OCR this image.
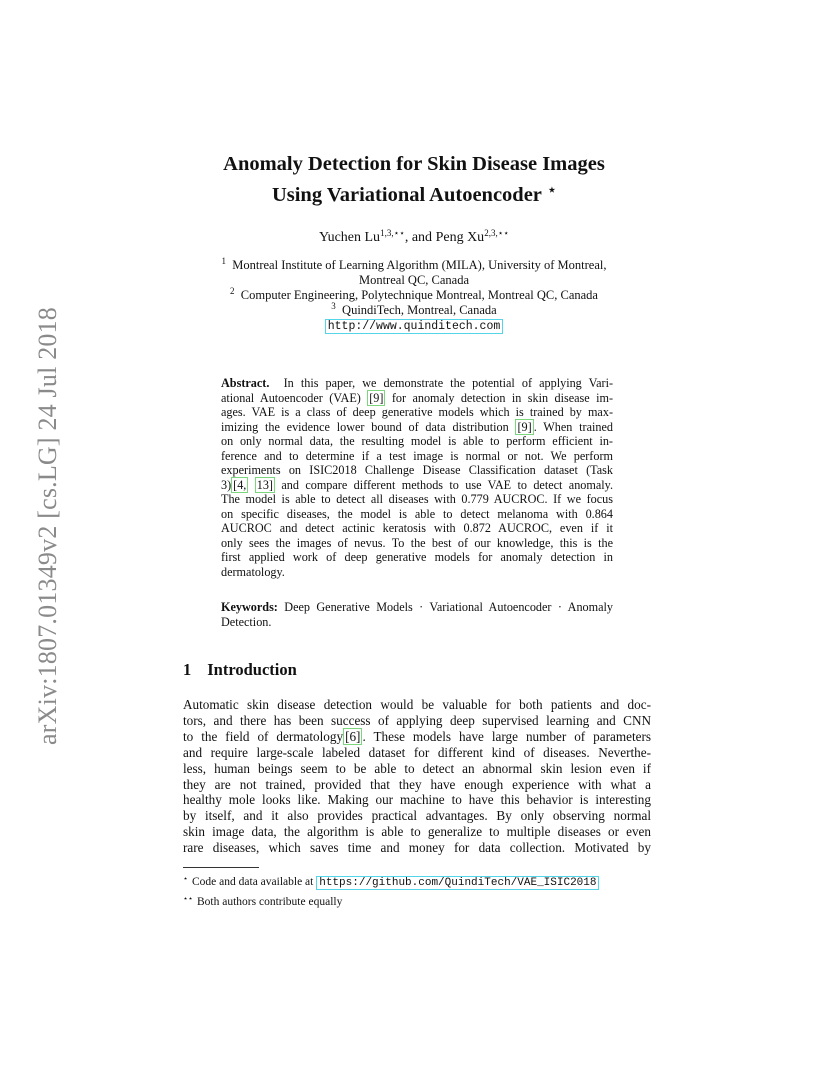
arXiv:1807.01349v2 [cs.LG] 24 Jul 2018
Anomaly Detection for Skin Disease Images
Using Variational Autoencoder ⋆
Yuchen $Lu^{1,3,⋆⋆}$, and Peng $Xu^{2,3,⋆⋆}$
$^1$ Montreal Institute of Learning Algorithm (MILA), University of Montreal,
Montreal QC, Canada
$^2$ Computer Engineering, Polytechnique Montreal, Montreal QC, Canada
$^3$ QuindiTech, Montreal, Canada
http://www.quinditech.com
Abstract. In this paper, we demonstrate the potential of applying Vari-
ational Autoencoder (VAE) [9] for anomaly detection in skin disease im-
ages. VAE is a class of deep generative models which is trained by max-
imizing the evidence lower bound of data distribution [9] . When trained
on only normal data, the resulting model is able to perform efficient in-
ference and to determine if a test image is normal or not. We perform
experiments on ISIC2018 Challenge Disease Classification dataset (Task
3) [4, 13] and compare different methods to use VAE to detect anomaly.
The model is able to detect all diseases with 0.779 AUCROC. If we focus
on specific diseases, the model is able to detect melanoma with 0.864
AUCROC and detect actinic keratosis with 0.872 AUCROC, even if it
only sees the images of nevus. To the best of our knowledge, this is the
first applied work of deep generative models for anomaly detection in
dermatology.
Keywords: Deep Generative Models · Variational Autoencoder · Anomaly
Detection.
1 Introduction
Automatic skin disease detection would be valuable for both patients and doc-
tors, and there has been success of applying deep supervised learning and CNN
to the field of dermatology [6] . These models have large number of parameters
and require large-scale labeled dataset for different kind of diseases. Neverthe-
less, human beings seem to be able to detect an abnormal skin lesion even if
they are not trained, provided that they have enough experience with what a
healthy mole looks like. Making our machine to have this behavior is interesting
by itself, and it also provides practical advantages. By only observing normal
skin image data, the algorithm is able to generalize to multiple diseases or even
rare diseases, which saves time and money for data collection. Motivated by
⋆ Code and data available at https://github.com/QuindiTech/VAE_ISIC2018
⋆⋆ Both authors contribute equally
